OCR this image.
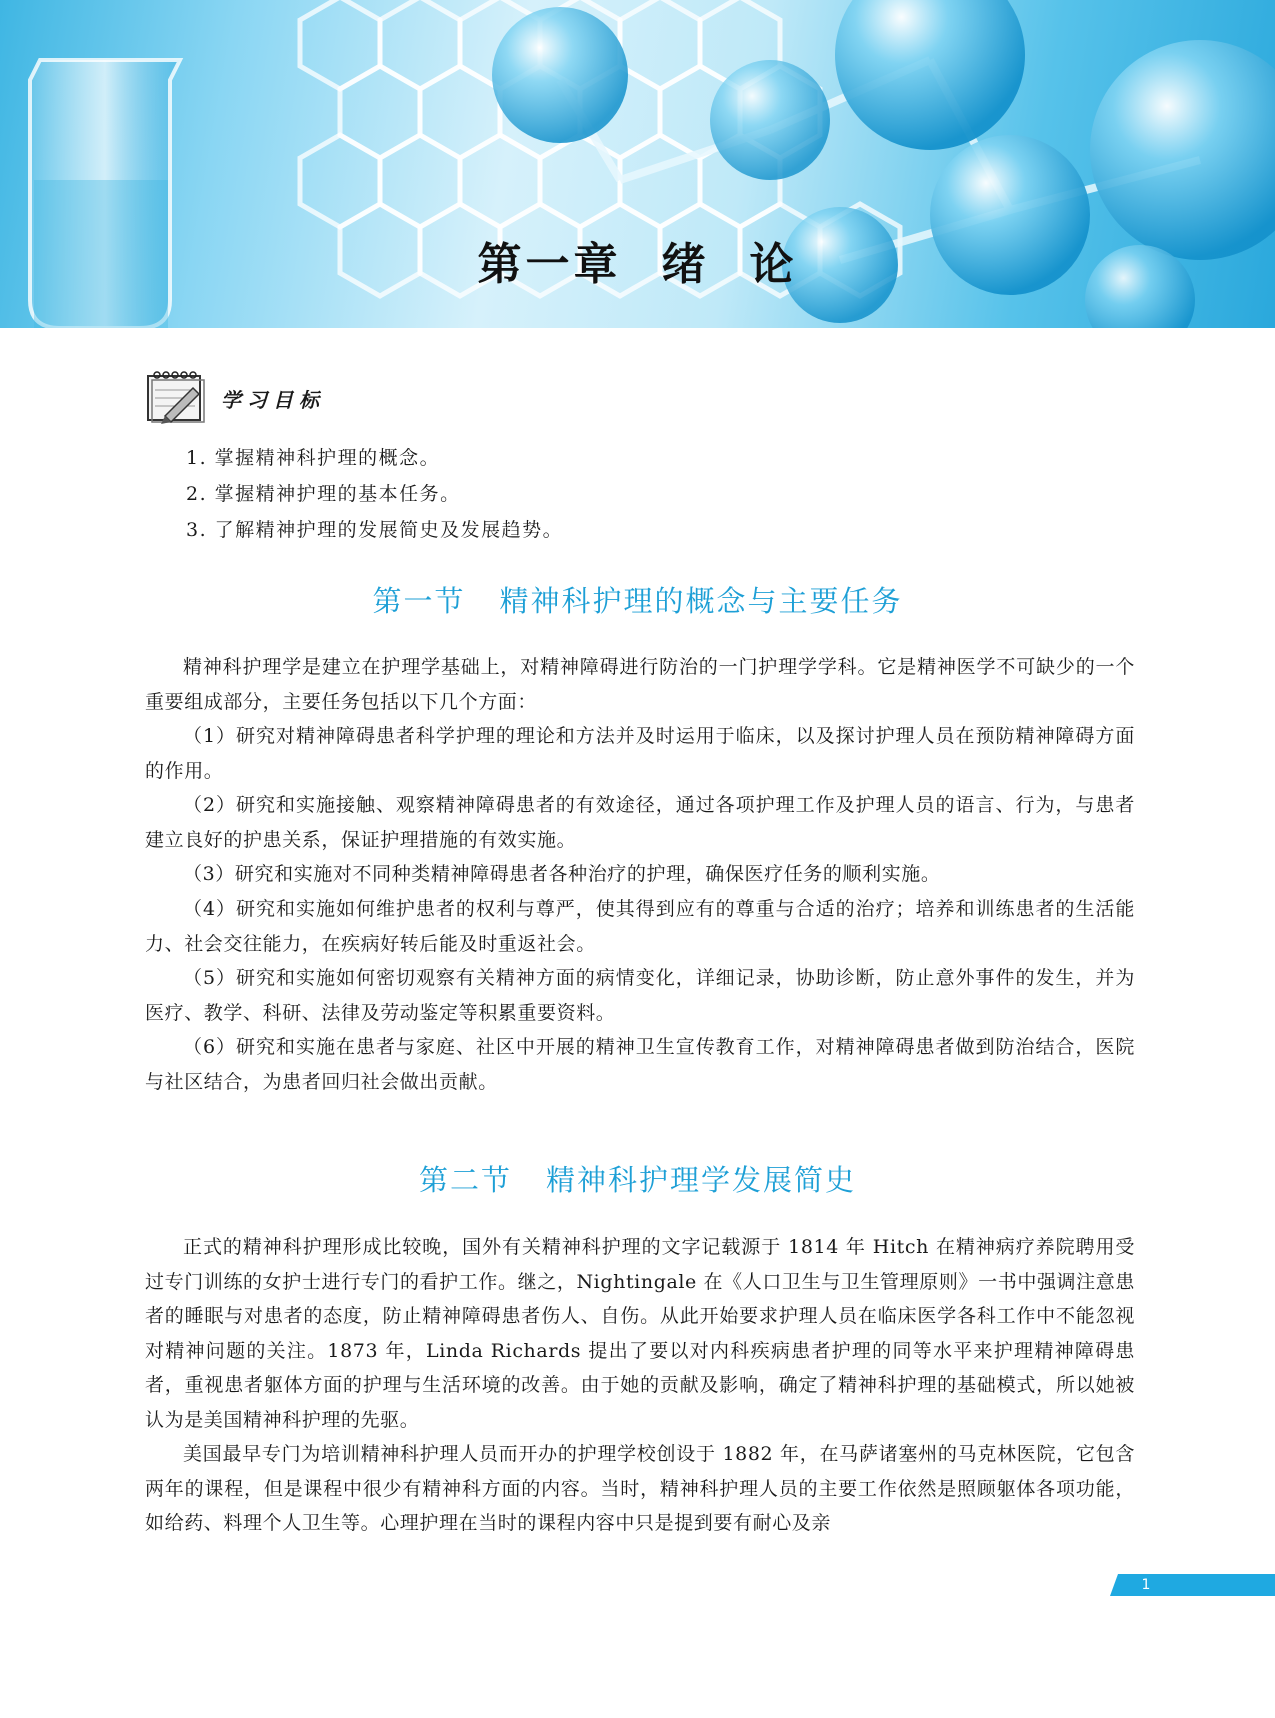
第一章 绪 论
学习目标
1. 掌握精神科护理的概念。
2. 掌握精神护理的基本任务。
3. 了解精神护理的发展简史及发展趋势。
第一节 精神科护理的概念与主要任务

精神科护理学是建立在护理学基础上，对精神障碍进行防治的一门护理学学科。它是精神医学不可缺少的一个重要组成部分，主要任务包括以下几个方面：

（1）研究对精神障碍患者科学护理的理论和方法并及时运用于临床，以及探讨护理人员在预防精神障碍方面的作用。

（2）研究和实施接触、观察精神障碍患者的有效途径，通过各项护理工作及护理人员的语言、行为，与患者建立良好的护患关系，保证护理措施的有效实施。

（3）研究和实施对不同种类精神障碍患者各种治疗的护理，确保医疗任务的顺利实施。

（4）研究和实施如何维护患者的权利与尊严，使其得到应有的尊重与合适的治疗；培养和训练患者的生活能力、社会交往能力，在疾病好转后能及时重返社会。

（5）研究和实施如何密切观察有关精神方面的病情变化，详细记录，协助诊断，防止意外事件的发生，并为医疗、教学、科研、法律及劳动鉴定等积累重要资料。

（6）研究和实施在患者与家庭、社区中开展的精神卫生宣传教育工作，对精神障碍患者做到防治结合，医院与社区结合，为患者回归社会做出贡献。

第二节 精神科护理学发展简史

正式的精神科护理形成比较晚，国外有关精神科护理的文字记载源于 1814 年 Hitch 在精神病疗养院聘用受过专门训练的女护士进行专门的看护工作。继之，Nightingale 在《人口卫生与卫生管理原则》一书中强调注意患者的睡眠与对患者的态度，防止精神障碍患者伤人、自伤。从此开始要求护理人员在临床医学各科工作中不能忽视对精神问题的关注。1873 年，Linda Richards 提出了要以对内科疾病患者护理的同等水平来护理精神障碍患者，重视患者躯体方面的护理与生活环境的改善。由于她的贡献及影响，确定了精神科护理的基础模式，所以她被认为是美国精神科护理的先驱。

美国最早专门为培训精神科护理人员而开办的护理学校创设于 1882 年，在马萨诸塞州的马克林医院，它包含两年的课程，但是课程中很少有精神科方面的内容。当时，精神科护理人员的主要工作依然是照顾躯体各项功能，如给药、料理个人卫生等。心理护理在当时的课程内容中只是提到要有耐心及亲

1
